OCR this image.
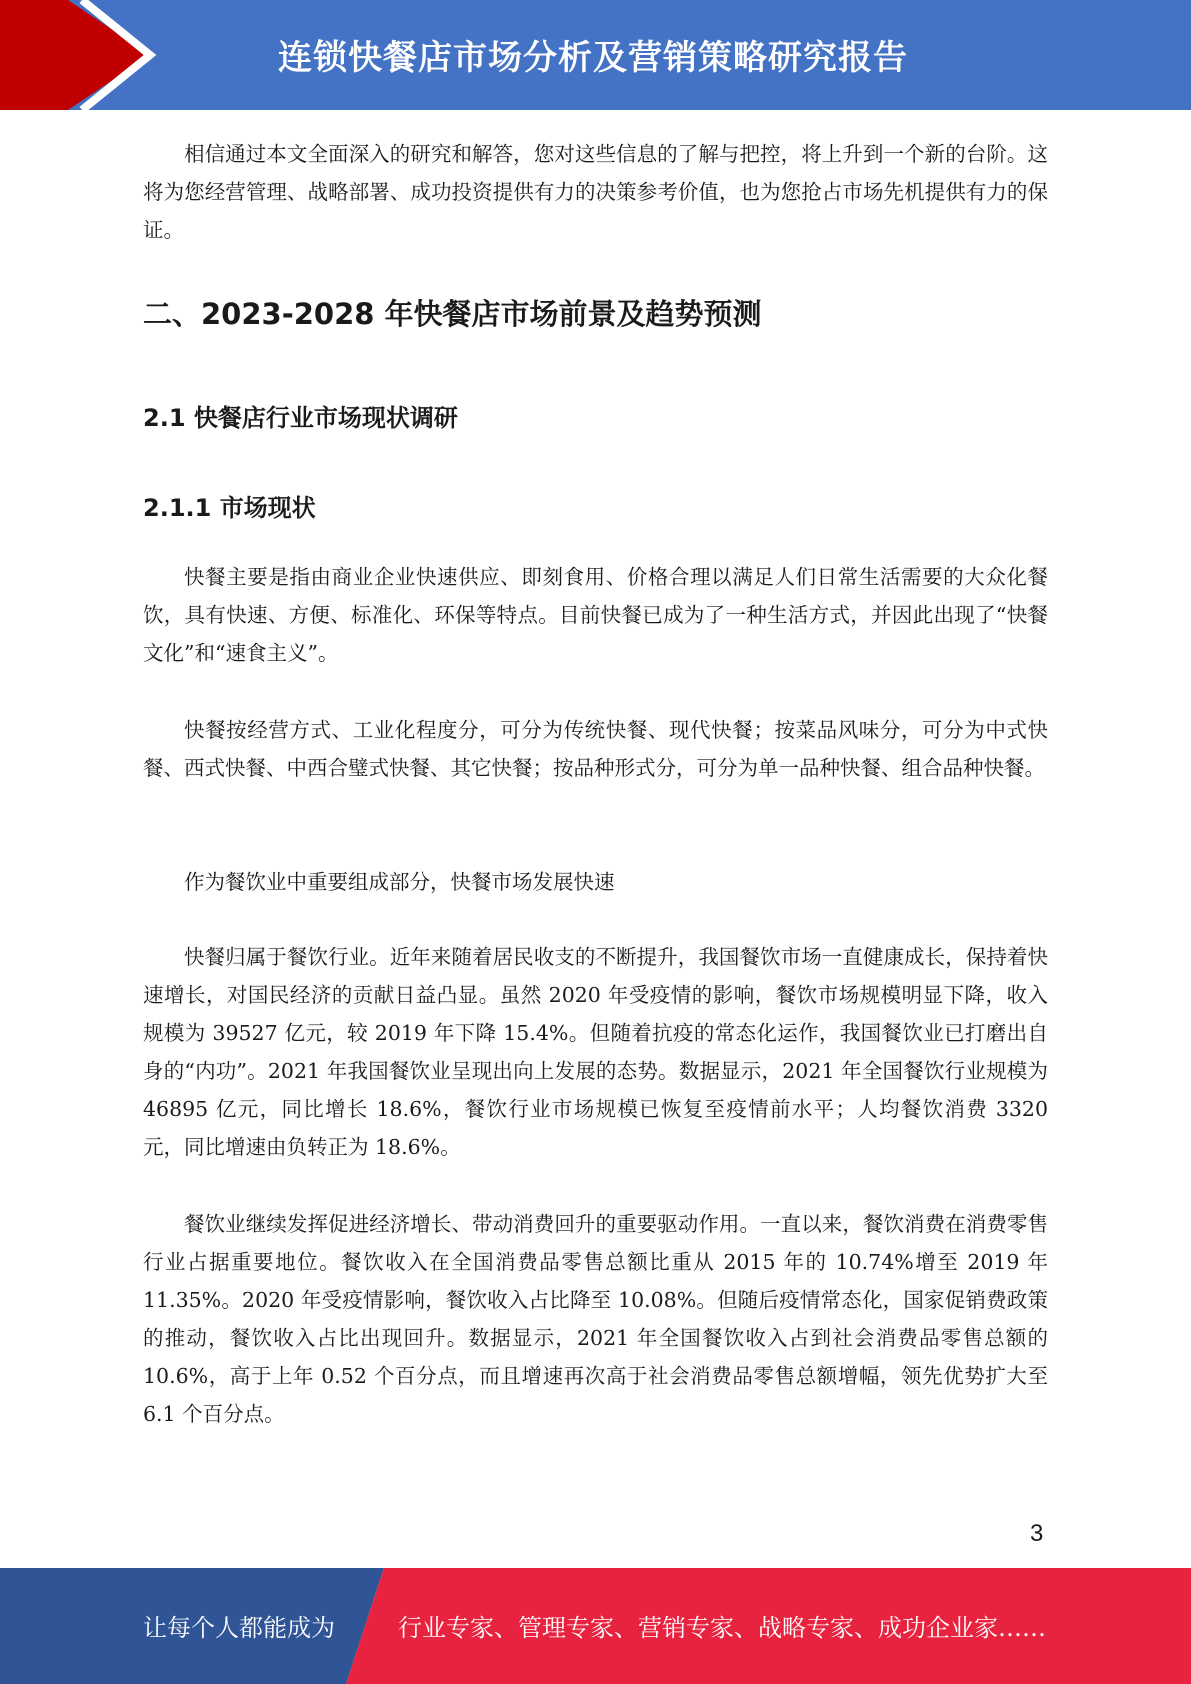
连锁快餐店市场分析及营销策略研究报告

相信通过本文全面深入的研究和解答，您对这些信息的了解与把控，将上升到一个新的台阶。这将为您经营管理、战略部署、成功投资提供有力的决策参考价值，也为您抢占市场先机提供有力的保证。

二、2023-2028 年快餐店市场前景及趋势预测
2.1 快餐店行业市场现状调研
2.1.1 市场现状

快餐主要是指由商业企业快速供应、即刻食用、价格合理以满足人们日常生活需要的大众化餐饮，具有快速、方便、标准化、环保等特点。目前快餐已成为了一种生活方式，并因此出现了“快餐文化”和“速食主义”。

快餐按经营方式、工业化程度分，可分为传统快餐、现代快餐；按菜品风味分，可分为中式快餐、西式快餐、中西合璧式快餐、其它快餐；按品种形式分，可分为单一品种快餐、组合品种快餐。

作为餐饮业中重要组成部分，快餐市场发展快速

快餐归属于餐饮行业。近年来随着居民收支的不断提升，我国餐饮市场一直健康成长，保持着快速增长，对国民经济的贡献日益凸显。虽然 2020 年受疫情的影响，餐饮市场规模明显下降，收入规模为 39527 亿元，较 2019 年下降 15.4%。但随着抗疫的常态化运作，我国餐饮业已打磨出自身的“内功”。2021 年我国餐饮业呈现出向上发展的态势。数据显示，2021 年全国餐饮行业规模为 46895 亿元，同比增长 18.6%，餐饮行业市场规模已恢复至疫情前水平；人均餐饮消费 3320 元，同比增速由负转正为 18.6%。

餐饮业继续发挥促进经济增长、带动消费回升的重要驱动作用。一直以来，餐饮消费在消费零售行业占据重要地位。餐饮收入在全国消费品零售总额比重从 2015 年的 10.74%增至 2019 年 11.35%。2020 年受疫情影响，餐饮收入占比降至 10.08%。但随后疫情常态化，国家促销费政策的推动，餐饮收入占比出现回升。数据显示，2021 年全国餐饮收入占到社会消费品零售总额的 10.6%，高于上年 0.52 个百分点，而且增速再次高于社会消费品零售总额增幅，领先优势扩大至 6.1 个百分点。

3
让每个人都能成为	行业专家、管理专家、营销专家、战略专家、成功企业家……
